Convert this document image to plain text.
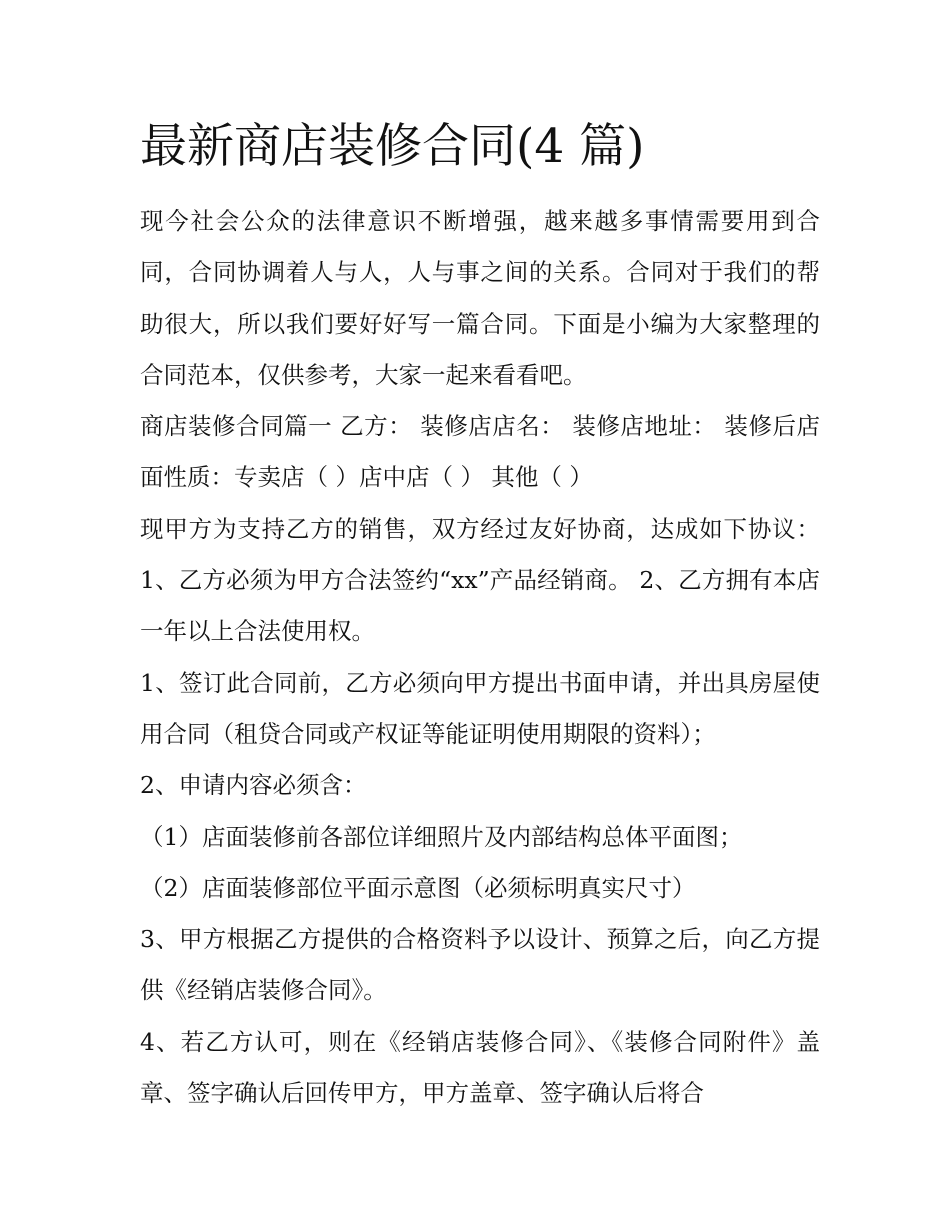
最新商店装修合同(4 篇)

现今社会公众的法律意识不断增强，越来越多事情需要用到合同，合同协调着人与人，人与事之间的关系。合同对于我们的帮助很大，所以我们要好好写一篇合同。下面是小编为大家整理的合同范本，仅供参考，大家一起来看看吧。

商店装修合同篇一 乙方： 装修店店名： 装修店地址： 装修后店面性质：专卖店（ ）店中店（ ） 其他（ ）

现甲方为支持乙方的销售，双方经过友好协商，达成如下协议： 1、乙方必须为甲方合法签约“xx”产品经销商。 2、乙方拥有本店一年以上合法使用权。

1、签订此合同前，乙方必须向甲方提出书面申请，并出具房屋使用合同（租贷合同或产权证等能证明使用期限的资料）；

2、申请内容必须含：

（1）店面装修前各部位详细照片及内部结构总体平面图；

（2）店面装修部位平面示意图（必须标明真实尺寸）

3、甲方根据乙方提供的合格资料予以设计、预算之后，向乙方提供《经销店装修合同》。

4、若乙方认可，则在《经销店装修合同》、《装修合同附件》盖章、签字确认后回传甲方，甲方盖章、签字确认后将合
